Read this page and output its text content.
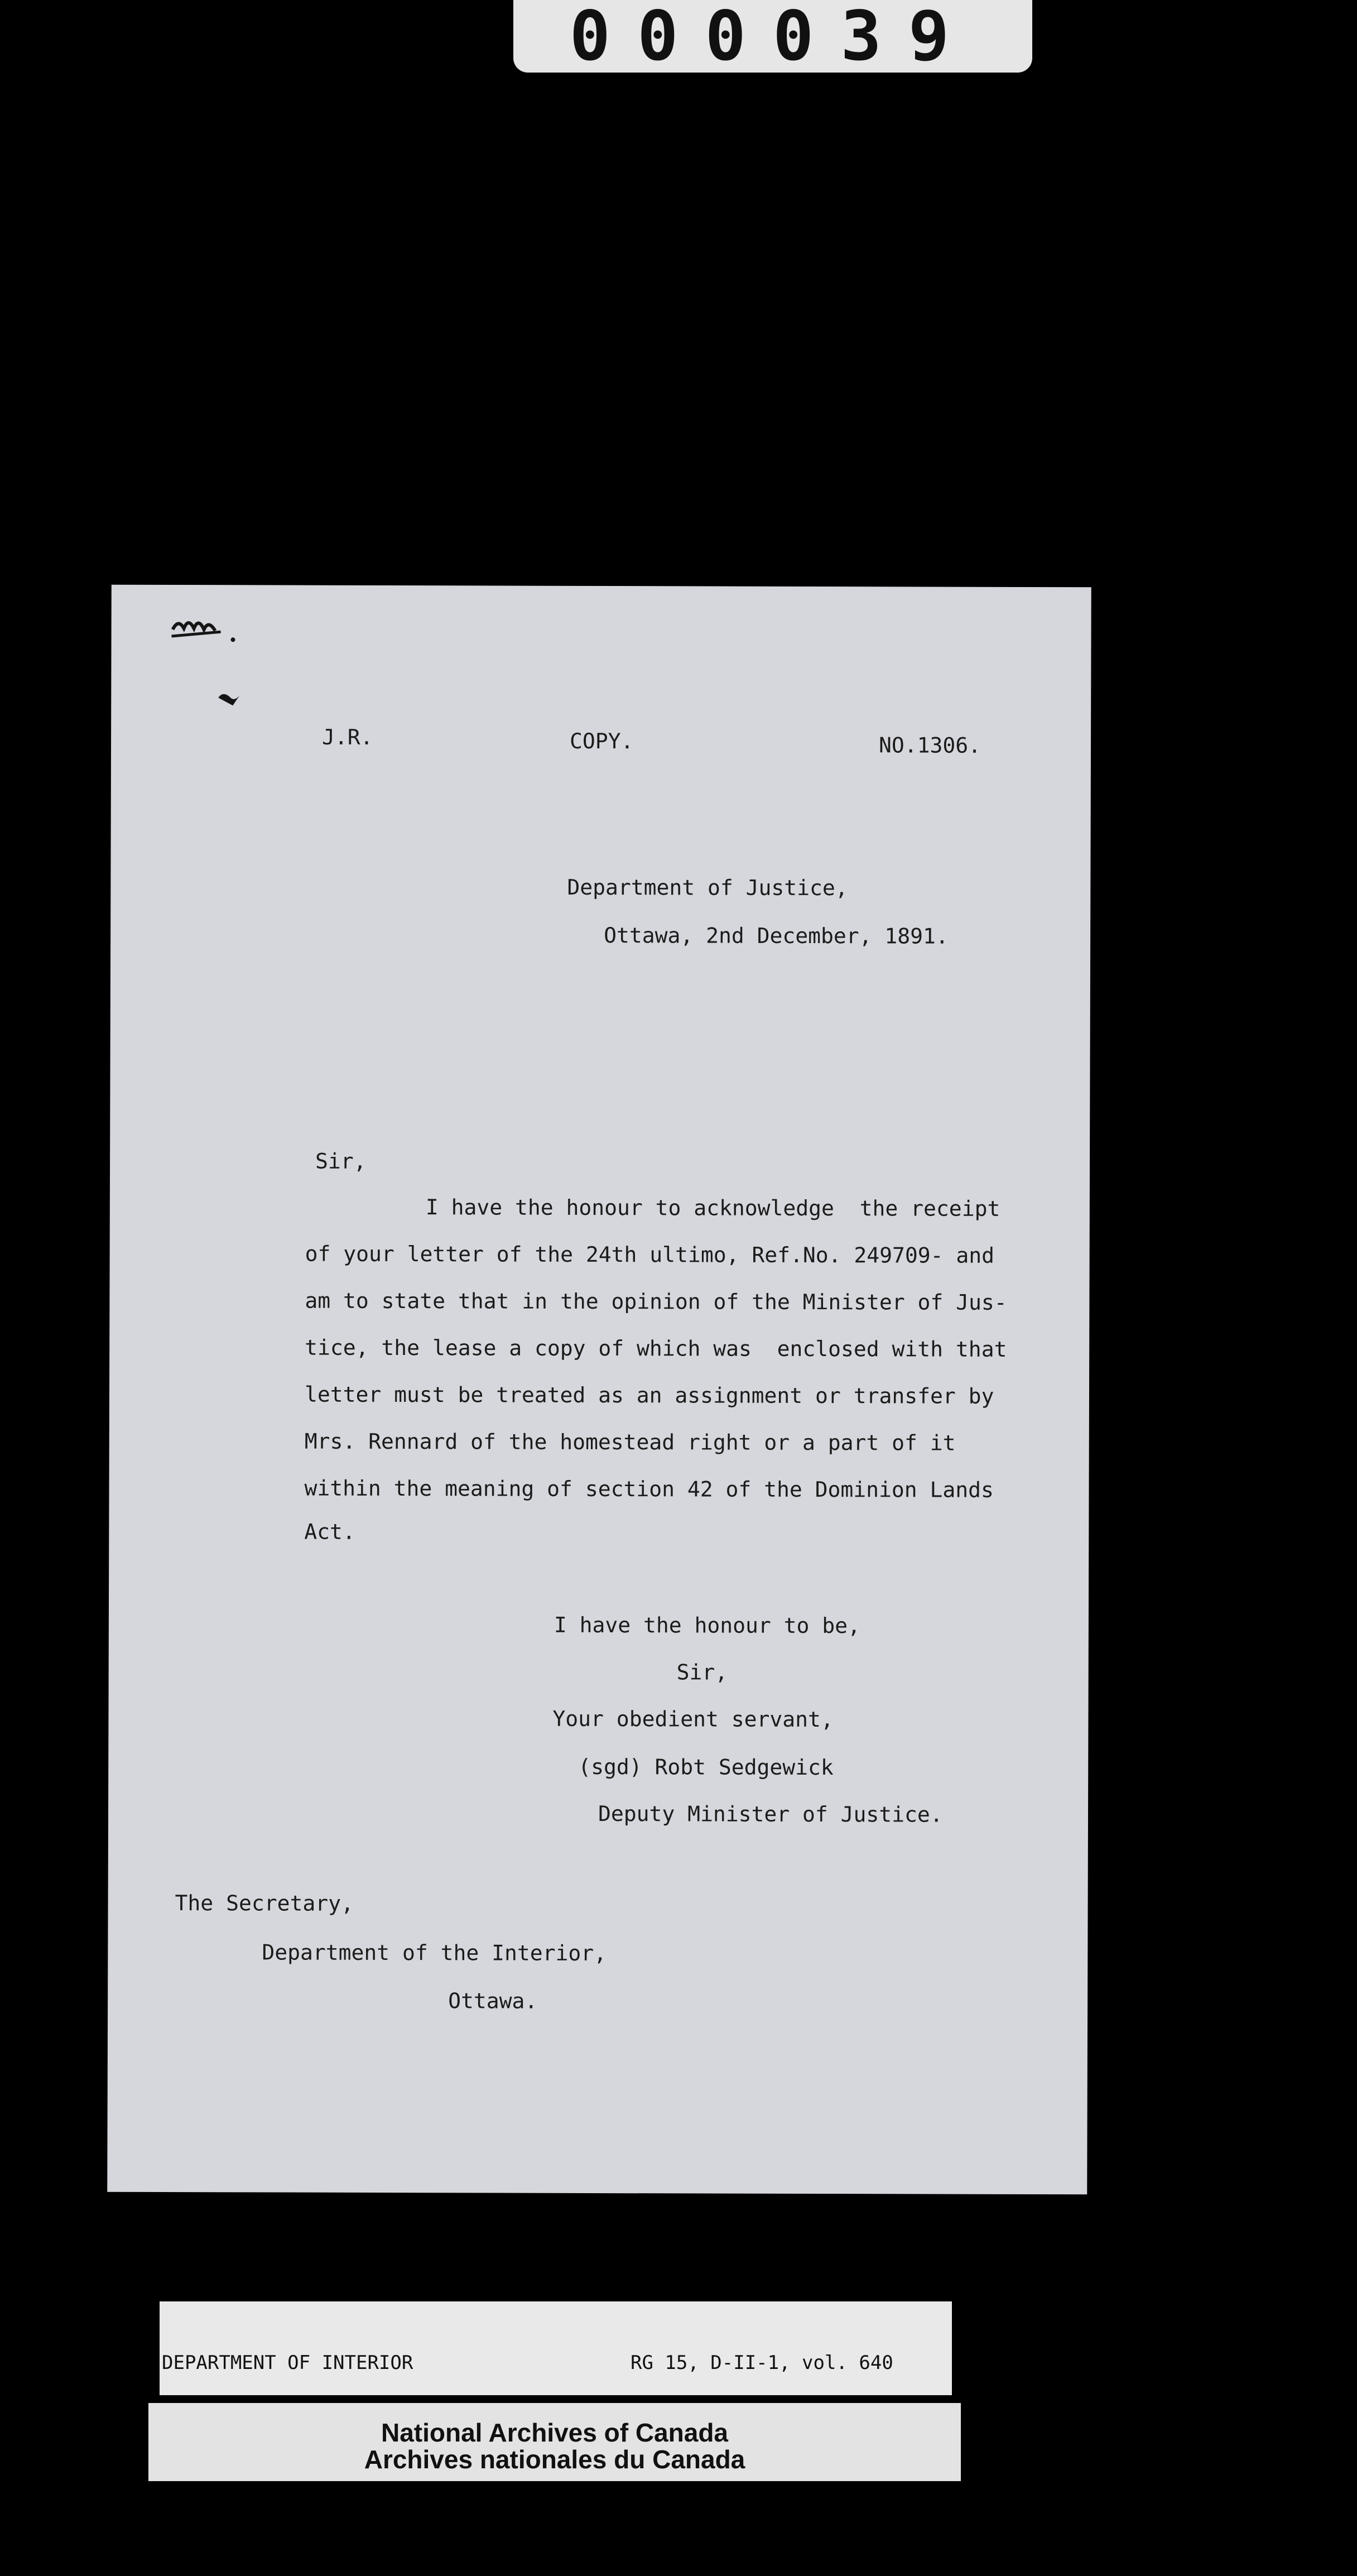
000039
J.R.	COPY.	NO.1306.
Department of Justice,
Ottawa, 2nd December, 1891.
Sir,

I have the honour to acknowledge  the receipt

of your letter of the 24th ultimo, Ref.No. 249709- and

am to state that in the opinion of the Minister of Jus-

tice, the lease a copy of which was  enclosed with that

letter must be treated as an assignment or transfer by

Mrs. Rennard of the homestead right or a part of it

within the meaning of section 42 of the Dominion Lands

Act.

I have the honour to be,
Sir,
Your obedient servant,
(sgd) Robt Sedgewick
Deputy Minister of Justice.
The Secretary,
Department of the Interior,
Ottawa.

DEPARTMENT OF INTERIOR

	RG 15, D-II-1, vol. 640

National Archives of Canada
Archives nationales du Canada
